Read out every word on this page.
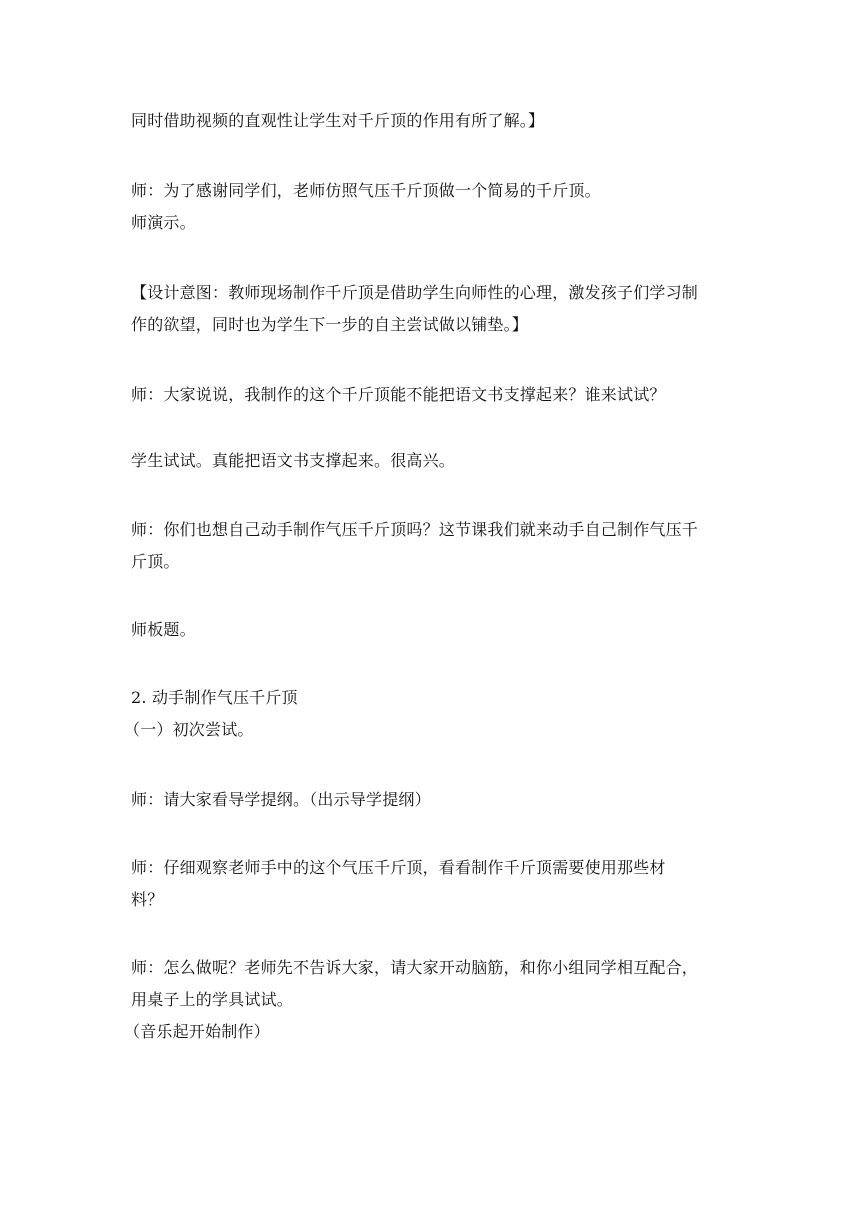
同时借助视频的直观性让学生对千斤顶的作用有所了解。】
师：为了感谢同学们，老师仿照气压千斤顶做一个简易的千斤顶。
师演示。
【设计意图：教师现场制作千斤顶是借助学生向师性的心理，激发孩子们学习制
作的欲望，同时也为学生下一步的自主尝试做以铺垫。】
师：大家说说，我制作的这个千斤顶能不能把语文书支撑起来？谁来试试？
学生试试。真能把语文书支撑起来。很高兴。
师：你们也想自己动手制作气压千斤顶吗？这节课我们就来动手自己制作气压千
斤顶。
师板题。
2. 动手制作气压千斤顶
（一）初次尝试。
师：请大家看导学提纲。（出示导学提纲）
师：仔细观察老师手中的这个气压千斤顶，看看制作千斤顶需要使用那些材
料？
师：怎么做呢？老师先不告诉大家，请大家开动脑筋，和你小组同学相互配合，
用桌子上的学具试试。
（音乐起开始制作）
